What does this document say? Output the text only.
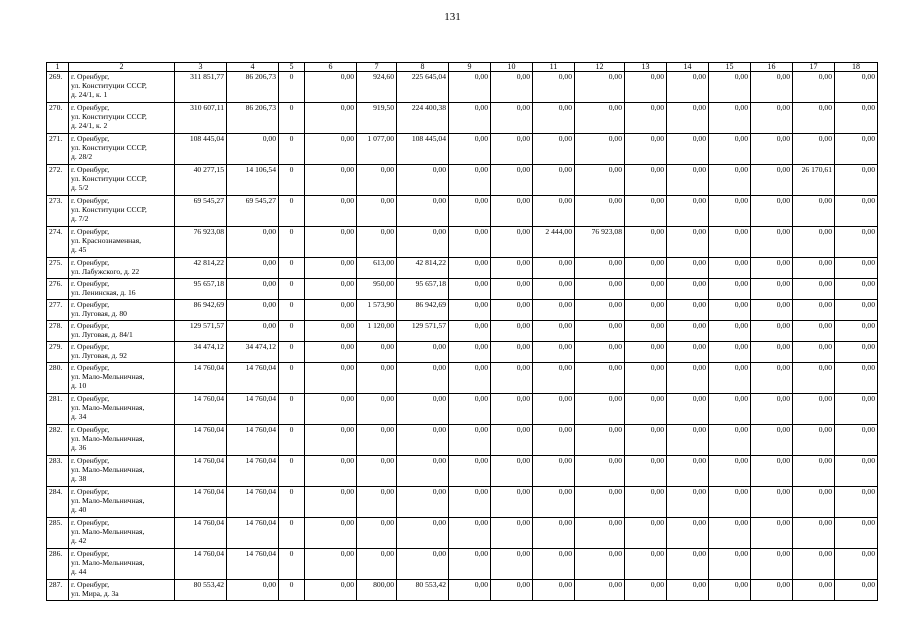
131
1	2	3	4	5	6	7	8	9	10	11	12	13	14	15	16	17	18
269.	г. Оренбург,
ул. Конституции СССР,
д. 24/1, к. 1	311 851,77	86 206,73	0	0,00	924,60	225 645,04	0,00	0,00	0,00	0,00	0,00	0,00	0,00	0,00	0,00	0,00
270.	г. Оренбург,
ул. Конституции СССР,
д. 24/1, к. 2	310 607,11	86 206,73	0	0,00	919,50	224 400,38	0,00	0,00	0,00	0,00	0,00	0,00	0,00	0,00	0,00	0,00
271.	г. Оренбург,
ул. Конституции СССР,
д. 28/2	108 445,04	0,00	0	0,00	1 077,00	108 445,04	0,00	0,00	0,00	0,00	0,00	0,00	0,00	0,00	0,00	0,00
272.	г. Оренбург,
ул. Конституции СССР,
д. 5/2	40 277,15	14 106,54	0	0,00	0,00	0,00	0,00	0,00	0,00	0,00	0,00	0,00	0,00	0,00	26 170,61	0,00
273.	г. Оренбург,
ул. Конституции СССР,
д. 7/2	69 545,27	69 545,27	0	0,00	0,00	0,00	0,00	0,00	0,00	0,00	0,00	0,00	0,00	0,00	0,00	0,00
274.	г. Оренбург,
ул. Краснознаменная,
д. 45	76 923,08	0,00	0	0,00	0,00	0,00	0,00	0,00	2 444,00	76 923,08	0,00	0,00	0,00	0,00	0,00	0,00
275.	г. Оренбург,
ул. Лабужского, д. 22	42 814,22	0,00	0	0,00	613,00	42 814,22	0,00	0,00	0,00	0,00	0,00	0,00	0,00	0,00	0,00	0,00
276.	г. Оренбург,
ул. Ленинская, д. 16	95 657,18	0,00	0	0,00	950,00	95 657,18	0,00	0,00	0,00	0,00	0,00	0,00	0,00	0,00	0,00	0,00
277.	г. Оренбург,
ул. Луговая, д. 80	86 942,69	0,00	0	0,00	1 573,90	86 942,69	0,00	0,00	0,00	0,00	0,00	0,00	0,00	0,00	0,00	0,00
278.	г. Оренбург,
ул. Луговая, д. 84/1	129 571,57	0,00	0	0,00	1 120,00	129 571,57	0,00	0,00	0,00	0,00	0,00	0,00	0,00	0,00	0,00	0,00
279.	г. Оренбург,
ул. Луговая, д. 92	34 474,12	34 474,12	0	0,00	0,00	0,00	0,00	0,00	0,00	0,00	0,00	0,00	0,00	0,00	0,00	0,00
280.	г. Оренбург,
ул. Мало-Мельничная,
д. 10	14 760,04	14 760,04	0	0,00	0,00	0,00	0,00	0,00	0,00	0,00	0,00	0,00	0,00	0,00	0,00	0,00
281.	г. Оренбург,
ул. Мало-Мельничная,
д. 34	14 760,04	14 760,04	0	0,00	0,00	0,00	0,00	0,00	0,00	0,00	0,00	0,00	0,00	0,00	0,00	0,00
282.	г. Оренбург,
ул. Мало-Мельничная,
д. 36	14 760,04	14 760,04	0	0,00	0,00	0,00	0,00	0,00	0,00	0,00	0,00	0,00	0,00	0,00	0,00	0,00
283.	г. Оренбург,
ул. Мало-Мельничная,
д. 38	14 760,04	14 760,04	0	0,00	0,00	0,00	0,00	0,00	0,00	0,00	0,00	0,00	0,00	0,00	0,00	0,00
284.	г. Оренбург,
ул. Мало-Мельничная,
д. 40	14 760,04	14 760,04	0	0,00	0,00	0,00	0,00	0,00	0,00	0,00	0,00	0,00	0,00	0,00	0,00	0,00
285.	г. Оренбург,
ул. Мало-Мельничная,
д. 42	14 760,04	14 760,04	0	0,00	0,00	0,00	0,00	0,00	0,00	0,00	0,00	0,00	0,00	0,00	0,00	0,00
286.	г. Оренбург,
ул. Мало-Мельничная,
д. 44	14 760,04	14 760,04	0	0,00	0,00	0,00	0,00	0,00	0,00	0,00	0,00	0,00	0,00	0,00	0,00	0,00
287.	г. Оренбург,
ул. Мира, д. 3а	80 553,42	0,00	0	0,00	800,00	80 553,42	0,00	0,00	0,00	0,00	0,00	0,00	0,00	0,00	0,00	0,00
